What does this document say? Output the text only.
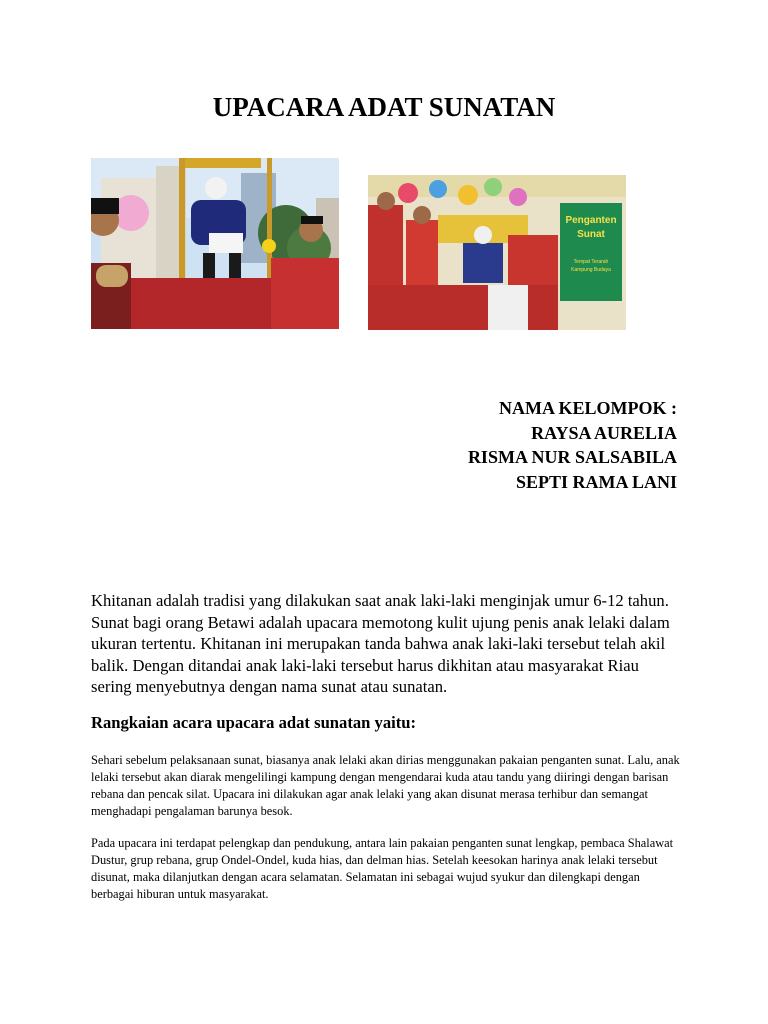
UPACARA ADAT SUNATAN
Penganten
Sunat
Tempat Terarah
Kampung Budaya
NAMA KELOMPOK :
RAYSA AURELIA
RISMA NUR SALSABILA
SEPTI RAMA LANI

Khitanan adalah tradisi yang dilakukan saat anak laki-laki menginjak umur 6-12 tahun. Sunat bagi orang Betawi adalah upacara memotong kulit ujung penis anak lelaki dalam ukuran tertentu. Khitanan ini merupakan tanda bahwa anak laki-laki tersebut telah akil balik. Dengan ditandai anak laki-laki tersebut harus dikhitan atau masyarakat Riau sering menyebutnya dengan nama sunat atau sunatan.

Rangkaian acara upacara adat sunatan yaitu:

Sehari sebelum pelaksanaan sunat, biasanya anak lelaki akan dirias menggunakan pakaian penganten sunat. Lalu, anak lelaki tersebut akan diarak mengelilingi kampung dengan mengendarai kuda atau tandu yang diiringi dengan barisan rebana dan pencak silat. Upacara ini dilakukan agar anak lelaki yang akan disunat merasa terhibur dan semangat menghadapi pengalaman barunya besok.

Pada upacara ini terdapat pelengkap dan pendukung, antara lain pakaian penganten sunat lengkap, pembaca Shalawat Dustur, grup rebana, grup Ondel-Ondel, kuda hias, dan delman hias. Setelah keesokan harinya anak lelaki tersebut disunat, maka dilanjutkan dengan acara selamatan. Selamatan ini sebagai wujud syukur dan dilengkapi dengan berbagai hiburan untuk masyarakat.
